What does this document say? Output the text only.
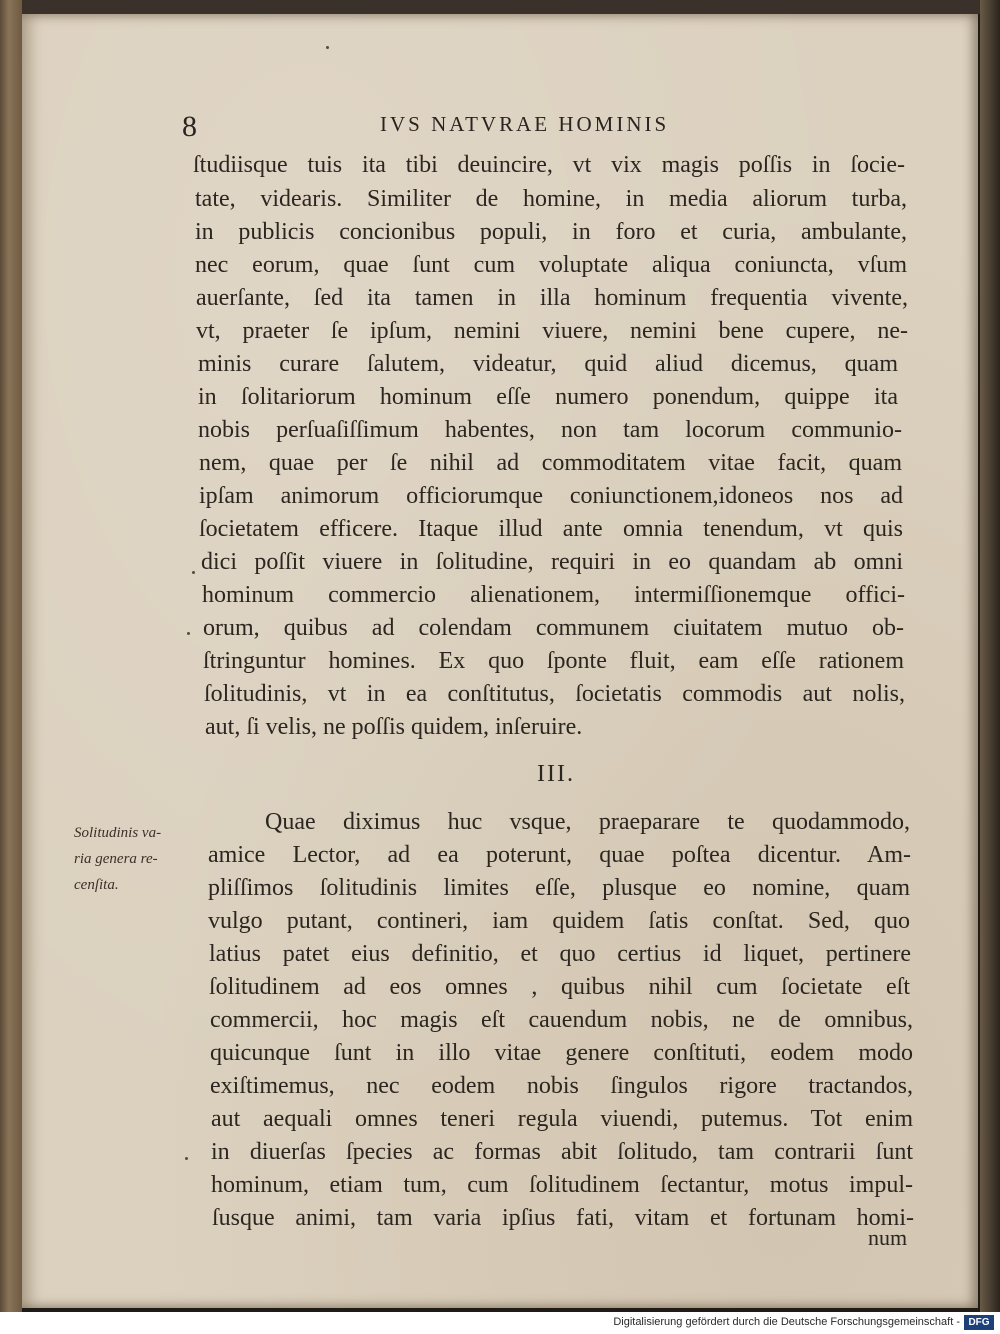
8	IVS NATVRAE HOMINIS
ſtudiisque tuis ita tibi deuincire, vt vix magis poſſis in ſocie-
tate, videaris. Similiter de homine, in media aliorum turba,
in publicis concionibus populi, in foro et curia, ambulante,
nec eorum, quae ſunt cum voluptate aliqua coniuncta, vſum
auerſante, ſed ita tamen in illa hominum frequentia vivente,
vt, praeter ſe ipſum, nemini viuere, nemini bene cupere, ne-
minis curare ſalutem, videatur, quid aliud dicemus, quam
in ſolitariorum hominum eſſe numero ponendum, quippe ita
nobis perſuaſiſſimum habentes, non tam locorum communio-
nem, quae per ſe nihil ad commoditatem vitae facit, quam
ipſam animorum officiorumque coniunctionem,idoneos nos ad
ſocietatem efficere. Itaque illud ante omnia tenendum, vt quis
dici poſſit viuere in ſolitudine, requiri in eo quandam ab omni
hominum commercio alienationem, intermiſſionemque offici-
orum, quibus ad colendam communem ciuitatem mutuo ob-
ſtringuntur homines. Ex quo ſponte fluit, eam eſſe rationem
ſolitudinis, vt in ea conſtitutus, ſocietatis commodis aut nolis,
aut, ſi velis, ne poſſis quidem, inſeruire.
III.
Solitudinis va-
ria genera re-
cenſita.
Quae diximus huc vsque, praeparare te quodammodo,
amice Lector, ad ea poterunt, quae poſtea dicentur. Am-
pliſſimos ſolitudinis limites eſſe, plusque eo nomine, quam
vulgo putant, contineri, iam quidem ſatis conſtat. Sed, quo
latius patet eius definitio, et quo certius id liquet, pertinere
ſolitudinem ad eos omnes , quibus nihil cum ſocietate eſt
commercii, hoc magis eſt cauendum nobis, ne de omnibus,
quicunque ſunt in illo vitae genere conſtituti, eodem modo
exiſtimemus, nec eodem nobis ſingulos rigore tractandos,
aut aequali omnes teneri regula viuendi, putemus. Tot enim
in diuerſas ſpecies ac formas abit ſolitudo, tam contrarii ſunt
hominum, etiam tum, cum ſolitudinem ſectantur, motus impul-
ſusque animi, tam varia ipſius fati, vitam et fortunam homi-
num
Digitalisierung gefördert durch die Deutsche Forschungsgemeinschaft - DFG
